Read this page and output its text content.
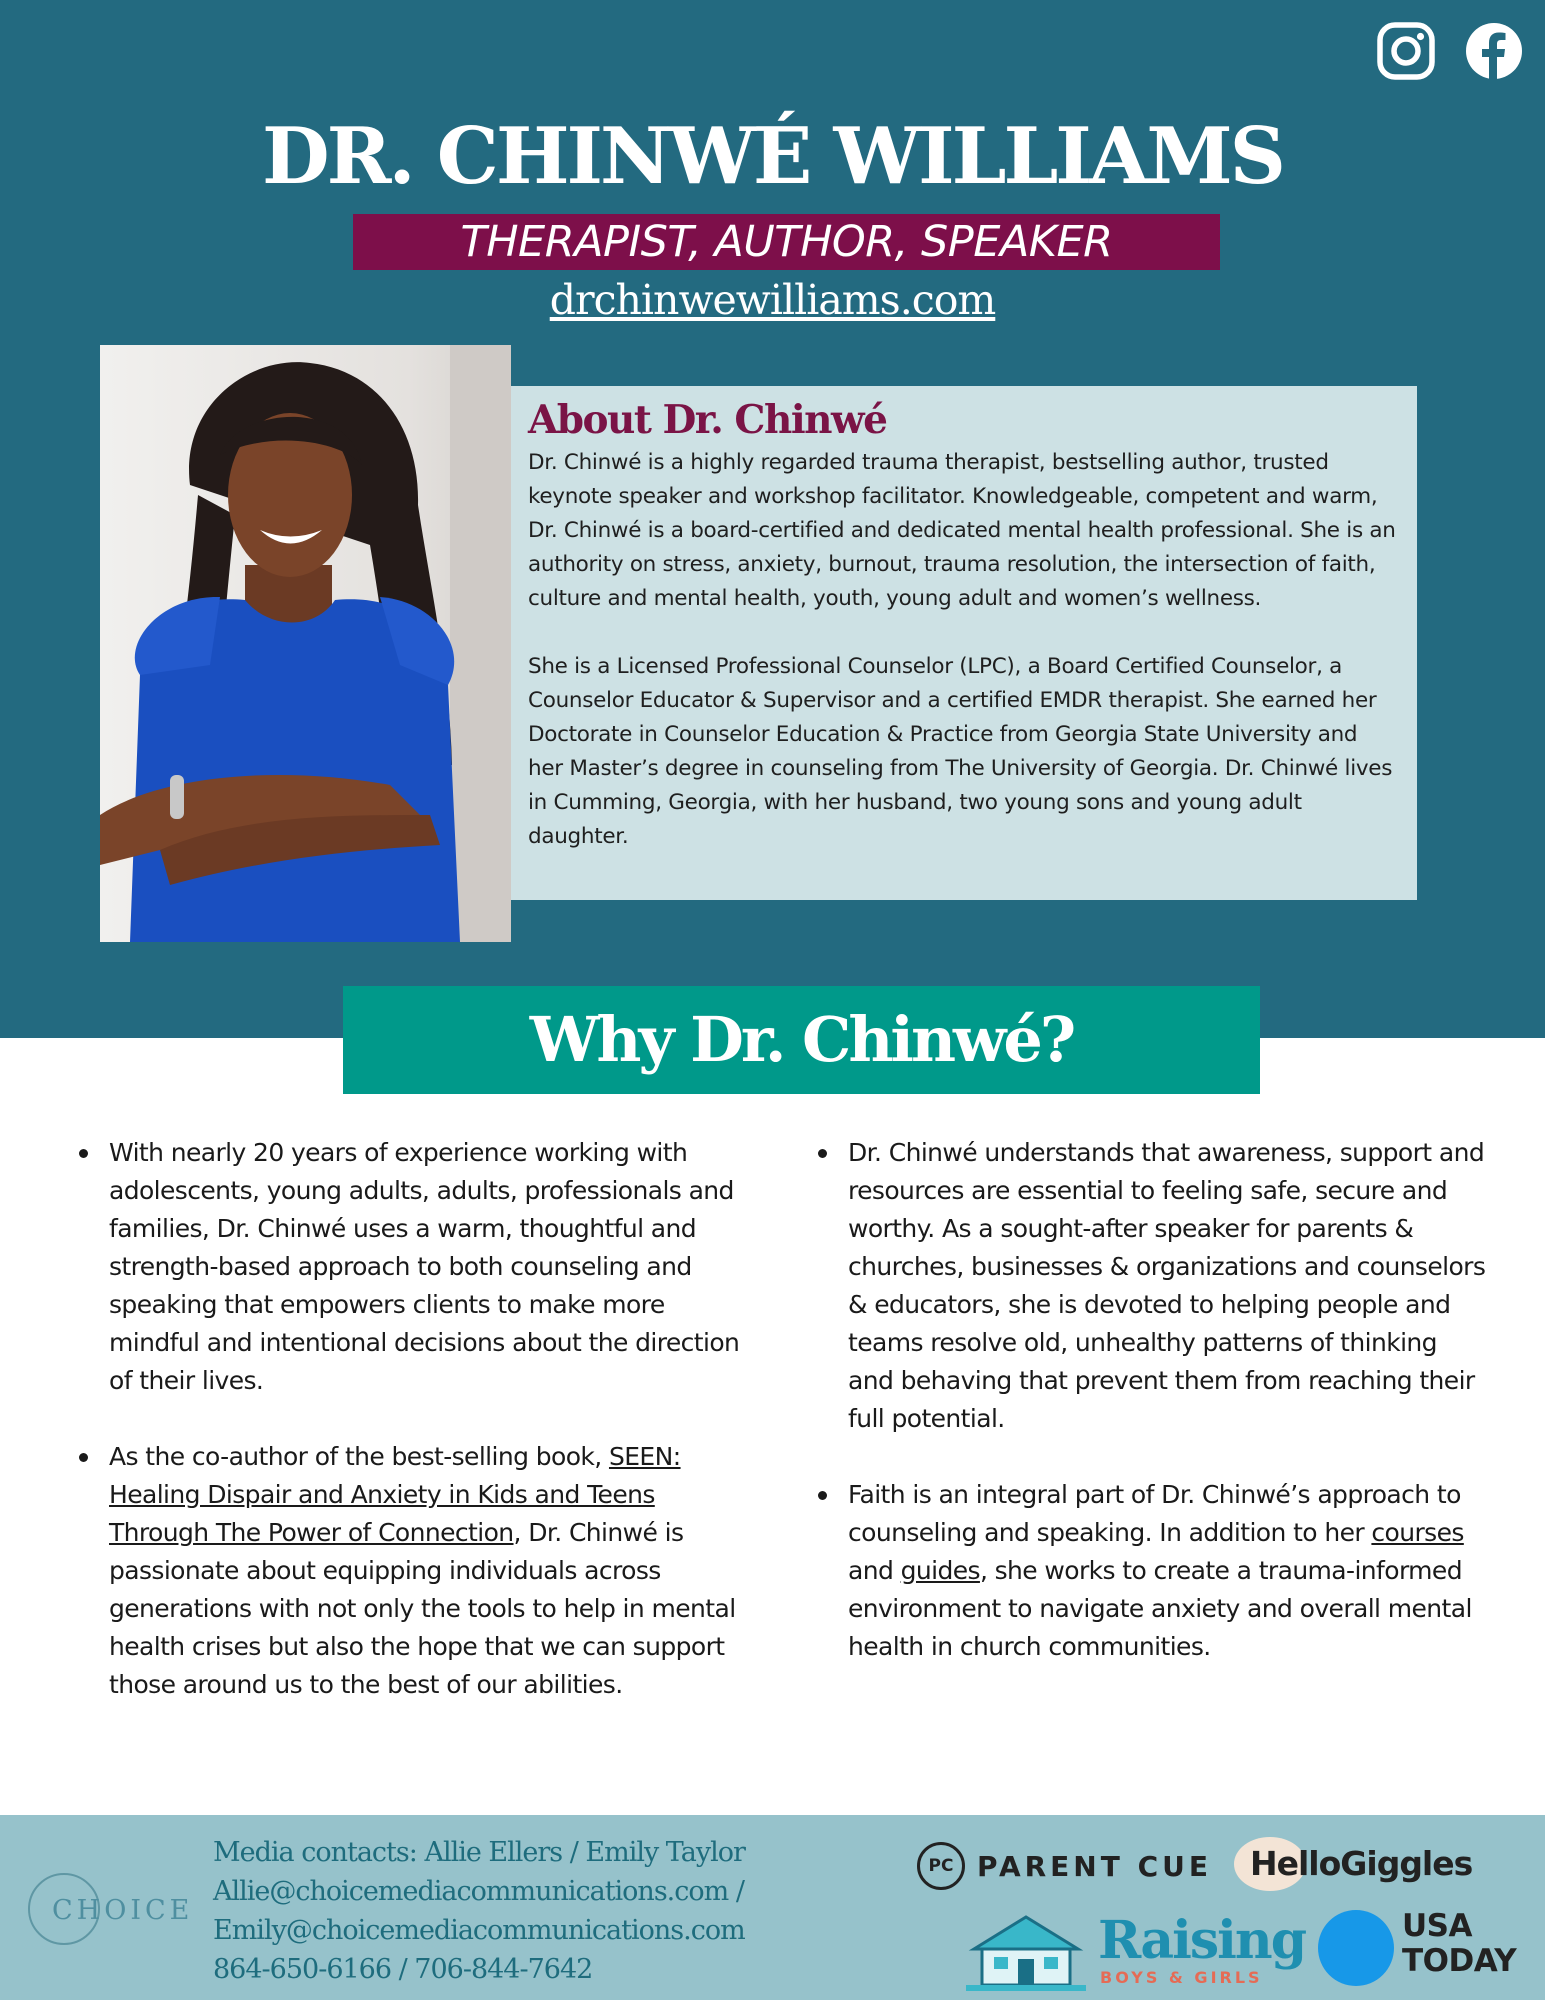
DR. CHINWÉ WILLIAMS
THERAPIST, AUTHOR, SPEAKER
drchinwewilliams.com
About Dr. Chinwé

Dr. Chinwé is a highly regarded trauma therapist, bestselling author, trusted keynote speaker and workshop facilitator. Knowledgeable, competent and warm, Dr. Chinwé is a board-certified and dedicated mental health professional. She is an authority on stress, anxiety, burnout, trauma resolution, the intersection of faith, culture and mental health, youth, young adult and women’s wellness.

She is a Licensed Professional Counselor (LPC), a Board Certified Counselor, a Counselor Educator & Supervisor and a certified EMDR therapist. She earned her Doctorate in Counselor Education & Practice from Georgia State University and her Master’s degree in counseling from The University of Georgia. Dr. Chinwé lives in Cumming, Georgia, with her husband, two young sons and young adult daughter.

Why Dr. Chinwé?

With nearly 20 years of experience working with adolescents, young adults, adults, professionals and families, Dr. Chinwé uses a warm, thoughtful and strength-based approach to both counseling and speaking that empowers clients to make more mindful and intentional decisions about the direction of their lives.

As the co-author of the best-selling book, SEEN: Healing Dispair and Anxiety in Kids and Teens Through The Power of Connection, Dr. Chinwé is passionate about equipping individuals across generations with not only the tools to help in mental health crises but also the hope that we can support those around us to the best of our abilities.

Dr. Chinwé understands that awareness, support and resources are essential to feeling safe, secure and worthy. As a sought-after speaker for parents & churches, businesses & organizations and counselors & educators, she is devoted to helping people and teams resolve old, unhealthy patterns of thinking and behaving that prevent them from reaching their full potential.

Faith is an integral part of Dr. Chinwé’s approach to counseling and speaking. In addition to her courses and guides, she works to create a trauma-informed environment to navigate anxiety and overall mental health in church communities.

CHOICE
Media contacts: Allie Ellers / Emily Taylor
Allie@choicemediacommunications.com /
Emily@choicemediacommunications.com
864-650-6166 / 706-844-7642
PC PARENT CUE	HelloGiggles
Raising
BOYS & GIRLS
USA
TODAY
